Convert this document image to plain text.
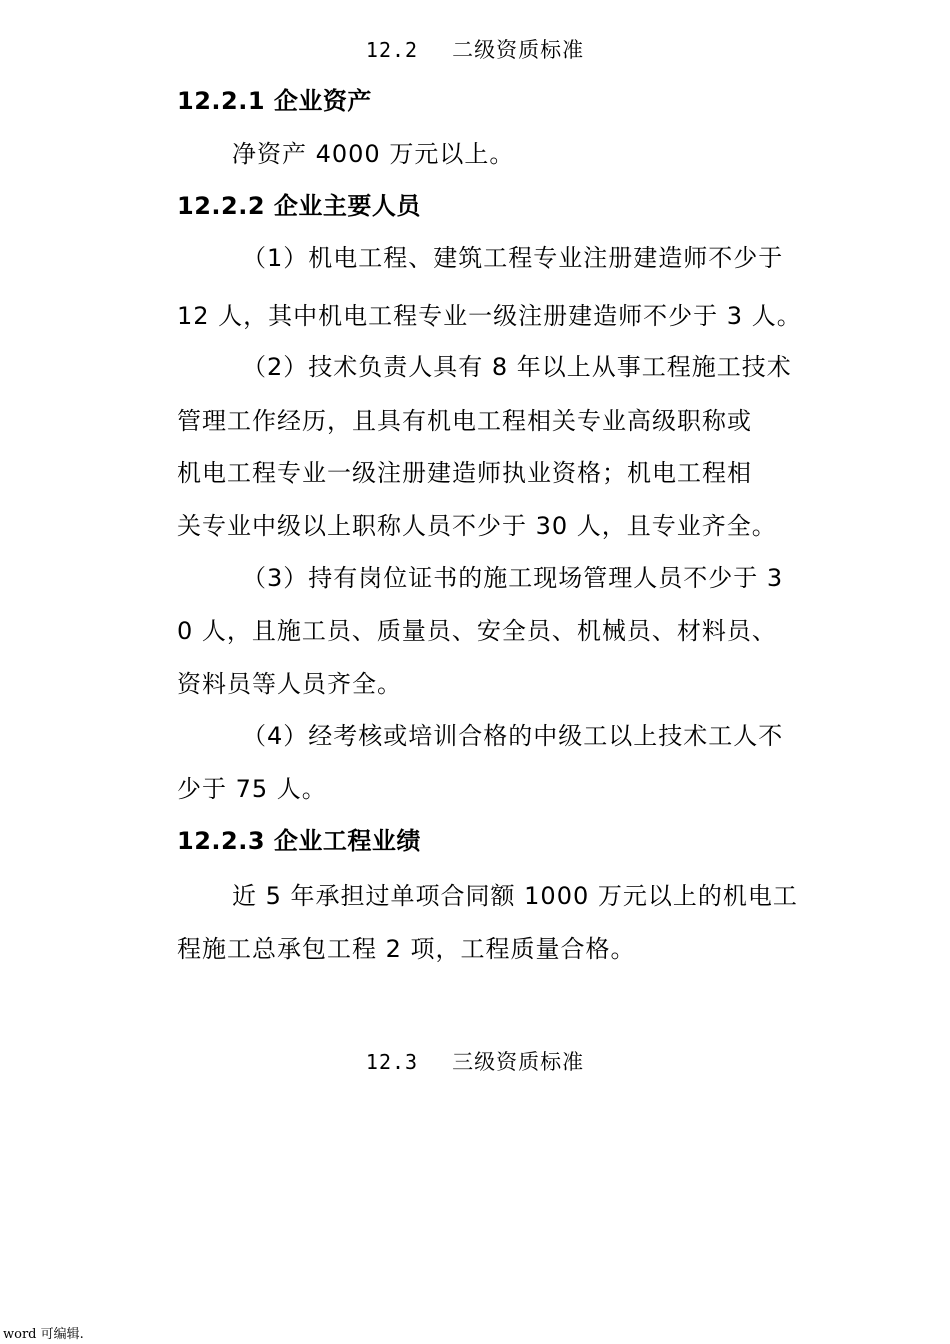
12.2 二级资质标准
12.2.1 企业资产
净资产 4000 万元以上。
12.2.2 企业主要人员
（1）机电工程、建筑工程专业注册建造师不少于
12 人，其中机电工程专业一级注册建造师不少于 3 人。
（2）技术负责人具有 8 年以上从事工程施工技术
管理工作经历，且具有机电工程相关专业高级职称或
机电工程专业一级注册建造师执业资格；机电工程相
关专业中级以上职称人员不少于 30 人，且专业齐全。
（3）持有岗位证书的施工现场管理人员不少于 3
0 人，且施工员、质量员、安全员、机械员、材料员、
资料员等人员齐全。
（4）经考核或培训合格的中级工以上技术工人不
少于 75 人。
12.2.3 企业工程业绩
近 5 年承担过单项合同额 1000 万元以上的机电工
程施工总承包工程 2 项，工程质量合格。
12.3 三级资质标准
word 可编辑.
